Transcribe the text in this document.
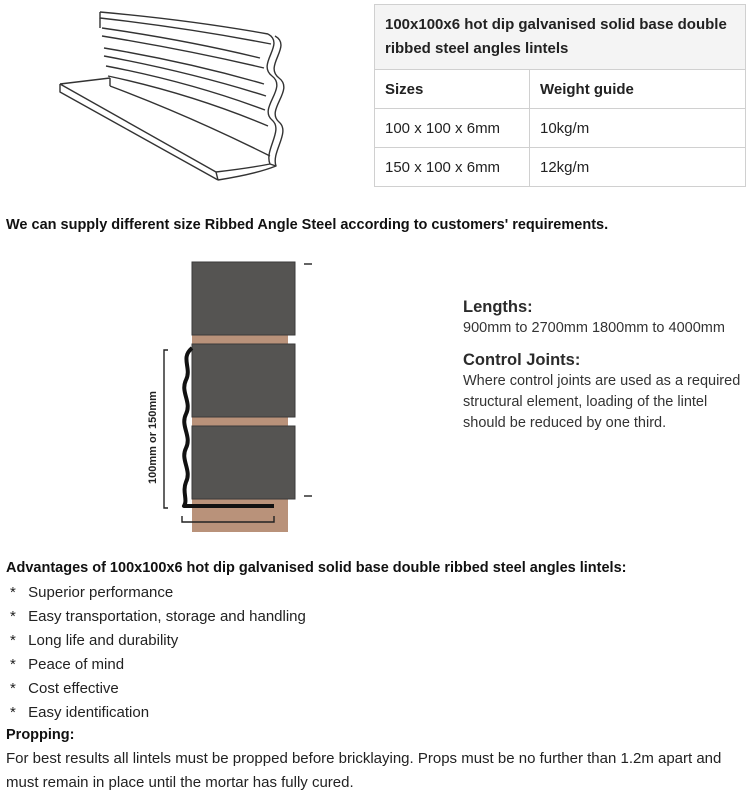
100x100x6 hot dip galvanised solid base double ribbed steel angles lintels	
Sizes	Weight guide
100 x 100 x 6mm	10kg/m
150 x 100 x 6mm	12kg/m
We can supply different size Ribbed Angle Steel according to customers' requirements.
100mm or 150mm
Lengths:

900mm to 2700mm 1800mm to 4000mm

Control Joints:

Where control joints are used as a required structural element, loading of the lintel should be reduced by one third.

Advantages of 100x100x6 hot dip galvanised solid base double ribbed steel angles lintels:
* Superior performance
* Easy transportation, storage and handling
* Long life and durability
* Peace of mind
* Cost effective
* Easy identification
Propping:

For best results all lintels must be propped before bricklaying. Props must be no further than 1.2m apart and must remain in place until the mortar has fully cured.
